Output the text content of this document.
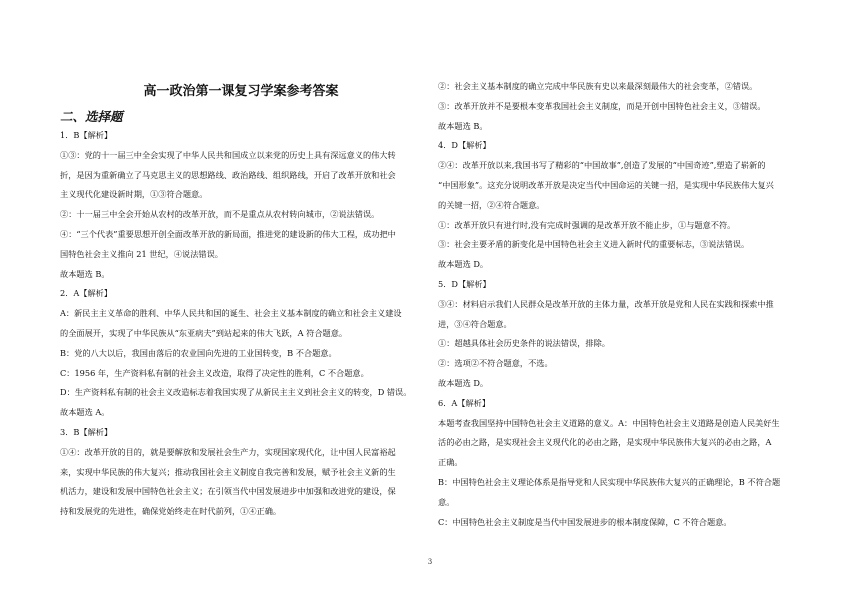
高一政治第一课复习学案参考答案
二、选择题
1．B【解析】
①③：党的十一届三中全会实现了中华人民共和国成立以来党的历史上具有深远意义的伟大转
折，是因为重新确立了马克思主义的思想路线、政治路线、组织路线，开启了改革开放和社会
主义现代化建设新时期，①③符合题意。
②：十一届三中全会开始从农村的改革开放，而不是重点从农村转向城市，②说法错误。
④：“三个代表”重要思想开创全面改革开放的新局面，推进党的建设新的伟大工程，成功把中
国特色社会主义推向 21 世纪，④说法错误。
故本题选 B。
2．A【解析】
A：新民主主义革命的胜利、中华人民共和国的诞生、社会主义基本制度的确立和社会主义建设
的全面展开，实现了中华民族从“东亚病夫”到站起来的伟大飞跃，A 符合题意。
B：党的八大以后，我国由落后的农业国向先进的工业国转变，B 不合题意。
C：1956 年，生产资料私有制的社会主义改造，取得了决定性的胜利，C 不合题意。
D：生产资料私有制的社会主义改造标志着我国实现了从新民主主义到社会主义的转变，D 错误。
故本题选 A。
3．B【解析】
①④：改革开放的目的，就是要解放和发展社会生产力，实现国家现代化，让中国人民富裕起
来，实现中华民族的伟大复兴；推动我国社会主义制度自我完善和发展，赋予社会主义新的生
机活力，建设和发展中国特色社会主义；在引领当代中国发展进步中加强和改进党的建设，保
持和发展党的先进性，确保党始终走在时代前列，①④正确。
②：社会主义基本制度的确立完成中华民族有史以来最深刻最伟大的社会变革，②错误。
③：改革开放并不是要根本变革我国社会主义制度，而是开创中国特色社会主义，③错误。
故本题选 B。
4．D【解析】
②④：改革开放以来,我国书写了精彩的“中国故事”,创造了发展的“中国奇迹”,塑造了崭新的
“中国形象”。这充分说明改革开放是决定当代中国命运的关键一招，是实现中华民族伟大复兴
的关键一招，②④符合题意。
①：改革开放只有进行时,没有完成时强调的是改革开放不能止步，①与题意不符。
③：社会主要矛盾的新变化是中国特色社会主义进入新时代的重要标志，③说法错误。
故本题选 D。
5．D【解析】
③④：材料启示我们人民群众是改革开放的主体力量，改革开放是党和人民在实践和探索中推
进，③④符合题意。
①：超越具体社会历史条件的说法错误，排除。
②：选项②不符合题意，不选。
故本题选 D。
6．A【解析】
本题考查我国坚持中国特色社会主义道路的意义。A：中国特色社会主义道路是创造人民美好生
活的必由之路，是实现社会主义现代化的必由之路，是实现中华民族伟大复兴的必由之路，A
正确。
B：中国特色社会主义理论体系是指导党和人民实现中华民族伟大复兴的正确理论，B 不符合题
意。
C：中国特色社会主义制度是当代中国发展进步的根本制度保障，C 不符合题意。
3
